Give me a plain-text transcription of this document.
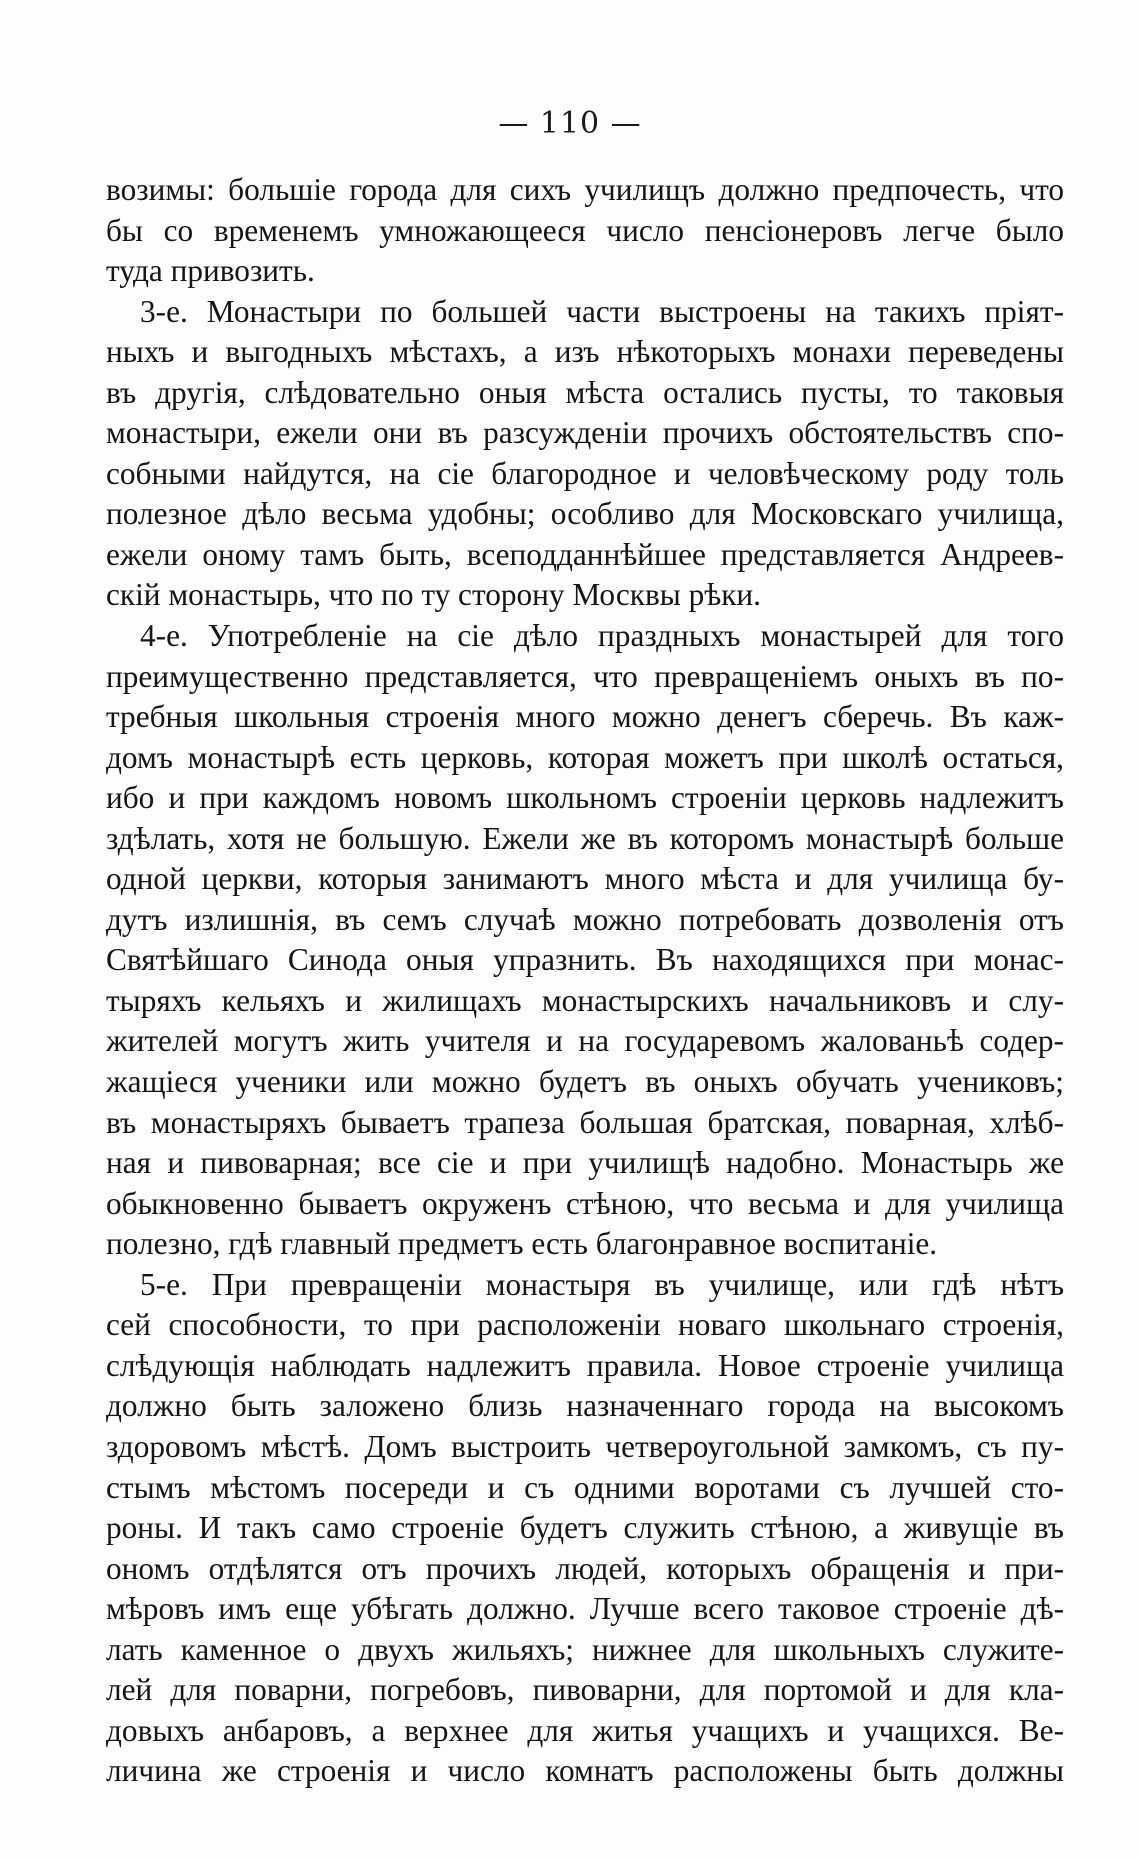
— 110 —
возимы: большіе города для сихъ училищъ должно предпочесть, что
бы со временемъ умножающееся число пенсіонеровъ легче было
туда привозить.
3-е. Монастыри по большей части выстроены на такихъ пріят-
ныхъ и выгодныхъ мѣстахъ, а изъ нѣкоторыхъ монахи переведены
въ другія, слѣдовательно оныя мѣста остались пусты, то таковыя
монастыри, ежели они въ разсужденіи прочихъ обстоятельствъ спо-
собными найдутся, на сіе благородное и человѣческому роду толь
полезное дѣло весьма удобны; особливо для Московскаго училища,
ежели оному тамъ быть, всеподданнѣйшее представляется Андреев-
скій монастырь, что по ту сторону Москвы рѣки.
4-е. Употребленіе на сіе дѣло праздныхъ монастырей для того
преимущественно представляется, что превращеніемъ оныхъ въ по-
требныя школьныя строенія много можно денегъ сберечь. Въ каж-
домъ монастырѣ есть церковь, которая можетъ при школѣ остаться,
ибо и при каждомъ новомъ школьномъ строеніи церковь надлежитъ
здѣлать, хотя не большую. Ежели же въ которомъ монастырѣ больше
одной церкви, которыя занимаютъ много мѣста и для училища бу-
дутъ излишнія, въ семъ случаѣ можно потребовать дозволенія отъ
Святѣйшаго Синода оныя упразнить. Въ находящихся при монас-
тыряхъ кельяхъ и жилищахъ монастырскихъ начальниковъ и слу-
жителей могутъ жить учителя и на государевомъ жалованьѣ содер-
жащіеся ученики или можно будетъ въ оныхъ обучать учениковъ;
въ монастыряхъ бываетъ трапеза большая братская, поварная, хлѣб-
ная и пивоварная; все сіе и при училищѣ надобно. Монастырь же
обыкновенно бываетъ окруженъ стѣною, что весьма и для училища
полезно, гдѣ главный предметъ есть благонравное воспитаніе.
5-е. При превращеніи монастыря въ училище, или гдѣ нѣтъ
сей способности, то при расположеніи новаго школьнаго строенія,
слѣдующія наблюдать надлежитъ правила. Новое строеніе училища
должно быть заложено близь назначеннаго города на высокомъ
здоровомъ мѣстѣ. Домъ выстроить четвероугольной замкомъ, съ пу-
стымъ мѣстомъ посереди и съ одними воротами съ лучшей сто-
роны. И такъ само строеніе будетъ служить стѣною, а живущіе въ
ономъ отдѣлятся отъ прочихъ людей, которыхъ обращенія и при-
мѣровъ имъ еще убѣгать должно. Лучше всего таковое строеніе дѣ-
лать каменное о двухъ жильяхъ; нижнее для школьныхъ служите-
лей для поварни, погребовъ, пивоварни, для портомой и для кла-
довыхъ анбаровъ, а верхнее для житья учащихъ и учащихся. Ве-
личина же строенія и число комнатъ расположены быть должны
